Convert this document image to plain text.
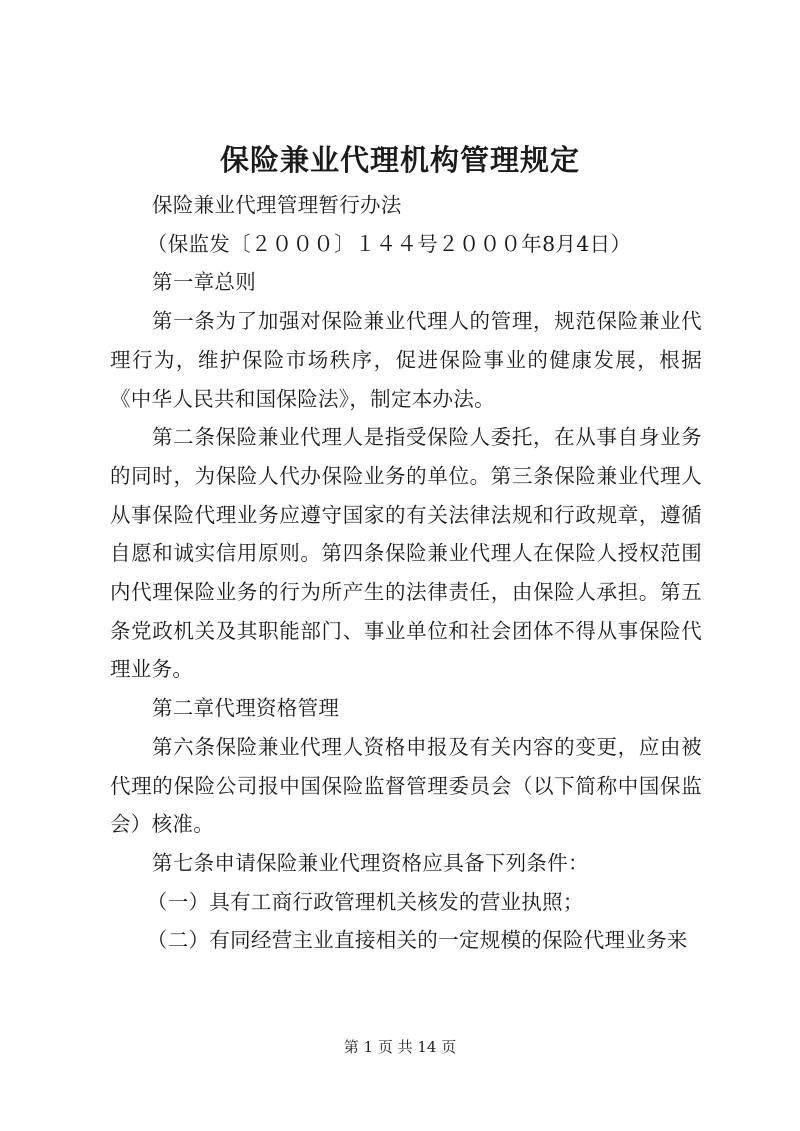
保险兼业代理机构管理规定

保险兼业代理管理暂行办法

（保监发〔２０００〕１４４号２０００年8月4日）

第一章总则

第一条为了加强对保险兼业代理人的管理，规范保险兼业代理行为，维护保险市场秩序，促进保险事业的健康发展，根据《中华人民共和国保险法》，制定本办法。

第二条保险兼业代理人是指受保险人委托，在从事自身业务的同时，为保险人代办保险业务的单位。第三条保险兼业代理人从事保险代理业务应遵守国家的有关法律法规和行政规章，遵循自愿和诚实信用原则。第四条保险兼业代理人在保险人授权范围内代理保险业务的行为所产生的法律责任，由保险人承担。第五条党政机关及其职能部门、事业单位和社会团体不得从事保险代理业务。

第二章代理资格管理

第六条保险兼业代理人资格申报及有关内容的变更，应由被代理的保险公司报中国保险监督管理委员会（以下简称中国保监会）核准。

第七条申请保险兼业代理资格应具备下列条件：

（一）具有工商行政管理机关核发的营业执照；

（二）有同经营主业直接相关的一定规模的保险代理业务来

第 1 页 共 14 页
